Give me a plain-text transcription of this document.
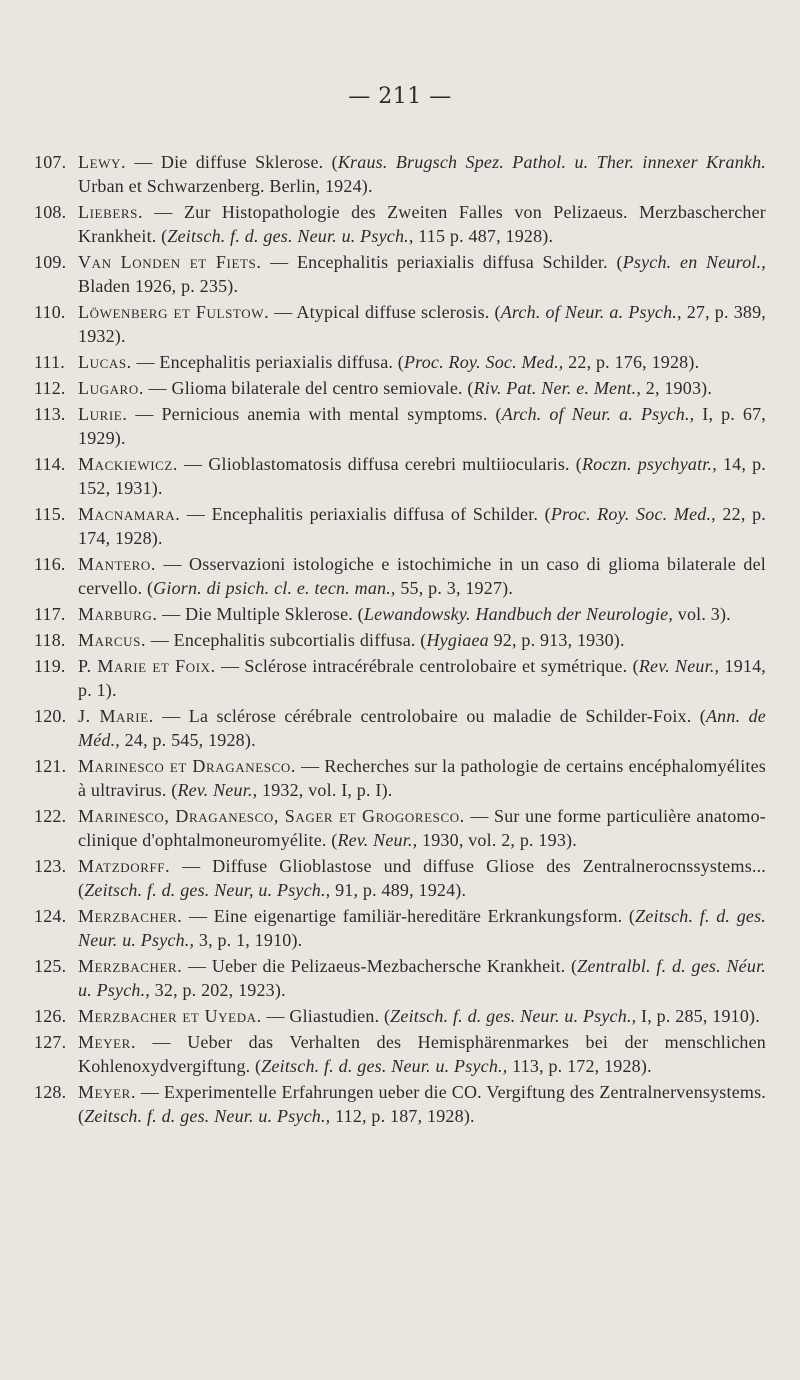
— 211 —
107. Lewy. — Die diffuse Sklerose. (Kraus. Brugsch Spez. Pathol. u. Ther. innexer Krankh. Urban et Schwarzenberg. Berlin, 1924).
108. Liebers. — Zur Histopathologie des Zweiten Falles von Pelizaeus. Merzbaschercher Krankheit. (Zeitsch. f. d. ges. Neur. u. Psych., 115 p. 487, 1928).
109. Van Londen et Fiets. — Encephalitis periaxialis diffusa Schilder. (Psych. en Neurol., Bladen 1926, p. 235).
110. Löwenberg et Fulstow. — Atypical diffuse sclerosis. (Arch. of Neur. a. Psych., 27, p. 389, 1932).
111. Lucas. — Encephalitis periaxialis diffusa. (Proc. Roy. Soc. Med., 22, p. 176, 1928).
112. Lugaro. — Glioma bilaterale del centro semiovale. (Riv. Pat. Ner. e. Ment., 2, 1903).
113. Lurie. — Pernicious anemia with mental symptoms. (Arch. of Neur. a. Psych., I, p. 67, 1929).
114. Mackiewicz. — Glioblastomatosis diffusa cerebri multiiocularis. (Roczn. psychyatr., 14, p. 152, 1931).
115. Macnamara. — Encephalitis periaxialis diffusa of Schilder. (Proc. Roy. Soc. Med., 22, p. 174, 1928).
116. Mantero. — Osservazioni istologiche e istochimiche in un caso di glioma bilaterale del cervello. (Giorn. di psich. cl. e. tecn. man., 55, p. 3, 1927).
117. Marburg. — Die Multiple Sklerose. (Lewandowsky. Handbuch der Neurologie, vol. 3).
118. Marcus. — Encephalitis subcortialis diffusa. (Hygiaea 92, p. 913, 1930).
119. P. Marie et Foix. — Sclérose intracérébrale centrolobaire et symétrique. (Rev. Neur., 1914, p. 1).
120. J. Marie. — La sclérose cérébrale centrolobaire ou maladie de Schilder-Foix. (Ann. de Méd., 24, p. 545, 1928).
121. Marinesco et Draganesco. — Recherches sur la pathologie de certains encéphalomyélites à ultravirus. (Rev. Neur., 1932, vol. I, p. I).
122. Marinesco, Draganesco, Sager et Grogoresco. — Sur une forme particulière anatomo-clinique d'ophtalmoneuromyélite. (Rev. Neur., 1930, vol. 2, p. 193).
123. Matzdorff. — Diffuse Glioblastose und diffuse Gliose des Zentralnerocnssystems... (Zeitsch. f. d. ges. Neur, u. Psych., 91, p. 489, 1924).
124. Merzbacher. — Eine eigenartige familiär-hereditäre Erkrankungsform. (Zeitsch. f. d. ges. Neur. u. Psych., 3, p. 1, 1910).
125. Merzbacher. — Ueber die Pelizaeus-Mezbachersche Krankheit. (Zentralbl. f. d. ges. Néur. u. Psych., 32, p. 202, 1923).
126. Merzbacher et Uyeda. — Gliastudien. (Zeitsch. f. d. ges. Neur. u. Psych., I, p. 285, 1910).
127. Meyer. — Ueber das Verhalten des Hemisphärenmarkes bei der menschlichen Kohlenoxydvergiftung. (Zeitsch. f. d. ges. Neur. u. Psych., 113, p. 172, 1928).
128. Meyer. — Experimentelle Erfahrungen ueber die CO. Vergiftung des Zentralnervensystems. (Zeitsch. f. d. ges. Neur. u. Psych., 112, p. 187, 1928).
